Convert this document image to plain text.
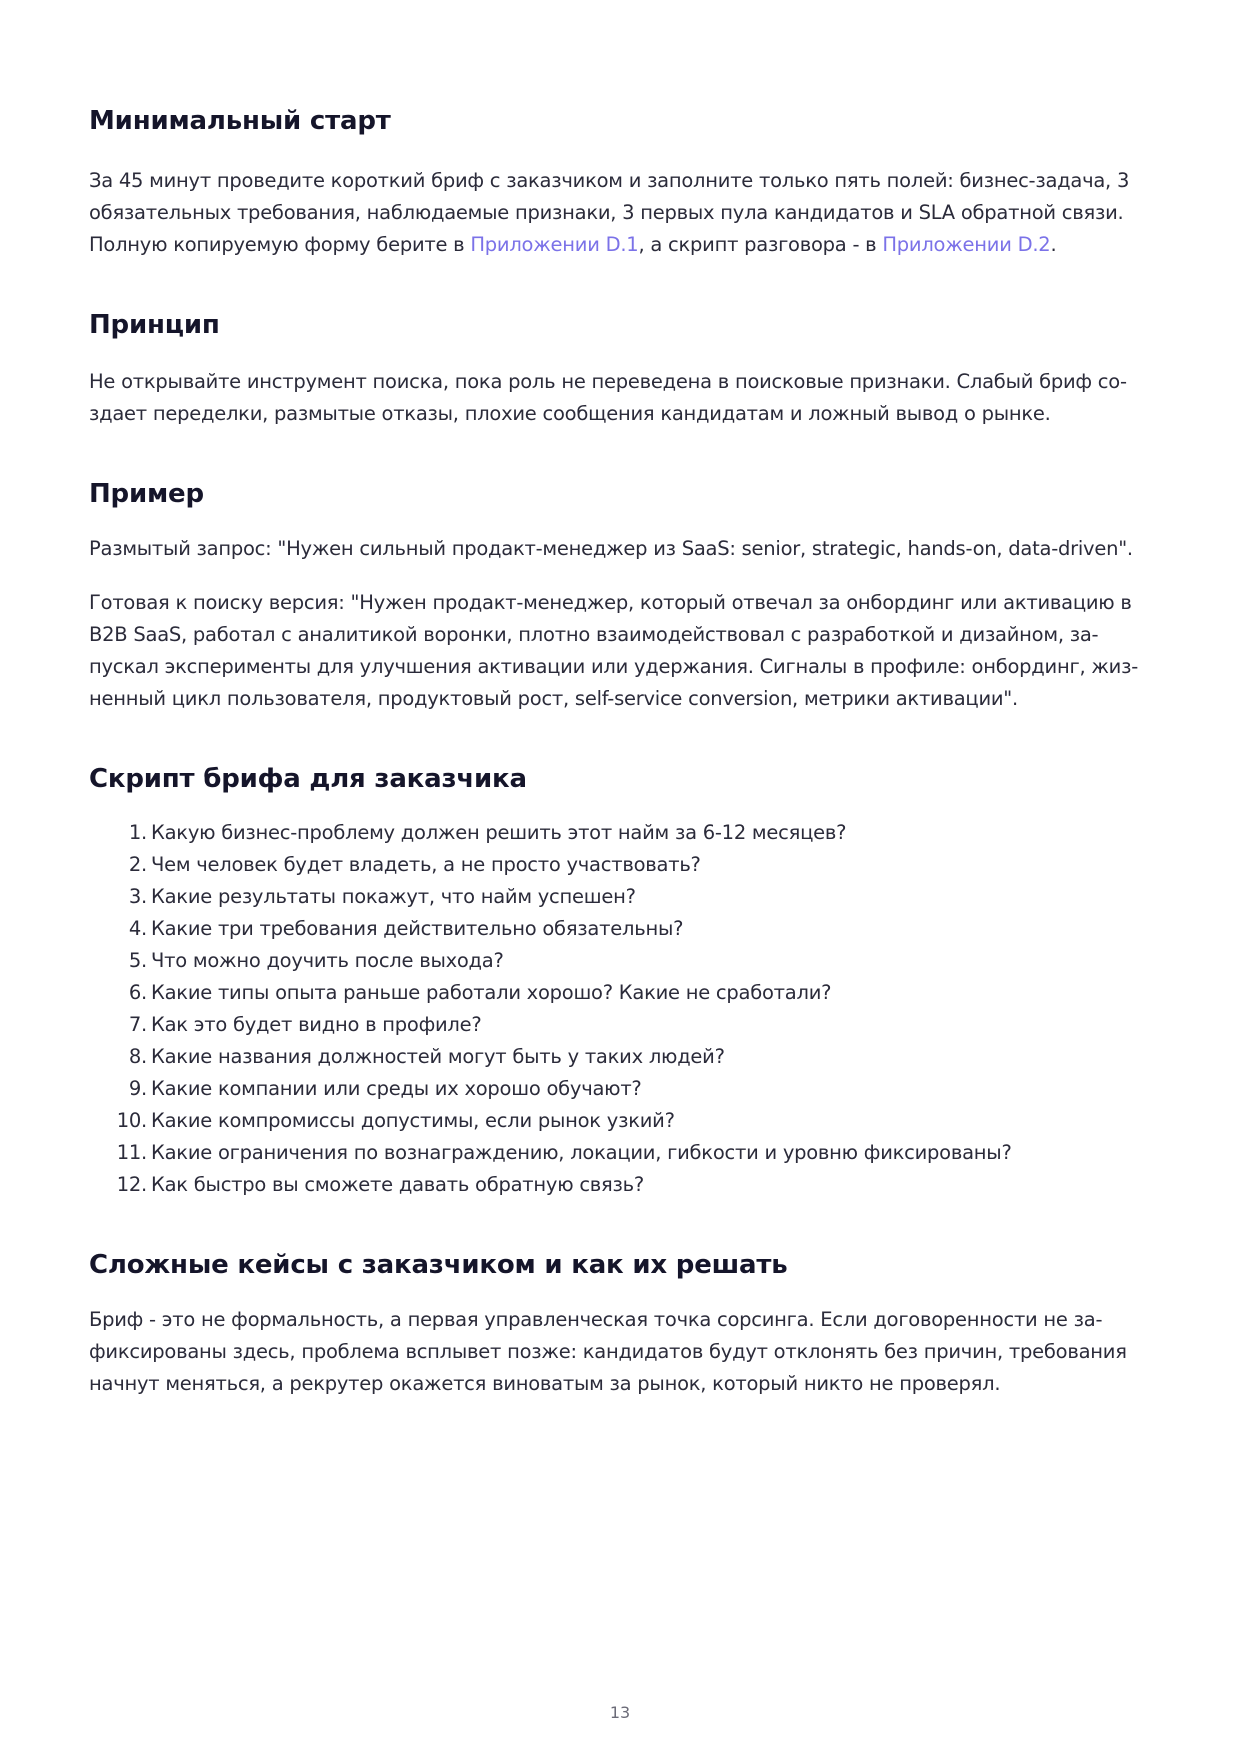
Минимальный старт

За 45 минут проведите короткий бриф с заказчиком и заполните только пять полей: бизнес-задача, 3 обязательных требования, наблюдаемые признаки, 3 первых пула кандидатов и SLA обратной связи. Полную копируемую форму берите в Приложении D.1, а скрипт разговора - в Приложении D.2.

Принцип

Не открывайте инструмент поиска, пока роль не переведена в поисковые признаки. Слабый бриф создает переделки, размытые отказы, плохие сообщения кандидатам и ложный вывод о рынке.

Пример

Размытый запрос: "Нужен сильный продакт-менеджер из SaaS: senior, strategic, hands-on, data-driven".

Готовая к поиску версия: "Нужен продакт-менеджер, который отвечал за онбординг или активацию в B2B SaaS, работал с аналитикой воронки, плотно взаимодействовал с разработкой и дизайном, запускал эксперименты для улучшения активации или удержания. Сигналы в профиле: онбординг, жизненный цикл пользователя, продуктовый рост, self-service conversion, метрики активации".

Скрипт брифа для заказчика
1. Какую бизнес-проблему должен решить этот найм за 6-12 месяцев?
2. Чем человек будет владеть, а не просто участвовать?
3. Какие результаты покажут, что найм успешен?
4. Какие три требования действительно обязательны?
5. Что можно доучить после выхода?
6. Какие типы опыта раньше работали хорошо? Какие не сработали?
7. Как это будет видно в профиле?
8. Какие названия должностей могут быть у таких людей?
9. Какие компании или среды их хорошо обучают?
10. Какие компромиссы допустимы, если рынок узкий?
11. Какие ограничения по вознаграждению, локации, гибкости и уровню фиксированы?
12. Как быстро вы сможете давать обратную связь?
Сложные кейсы с заказчиком и как их решать

Бриф - это не формальность, а первая управленческая точка сорсинга. Если договоренности не зафиксированы здесь, проблема всплывет позже: кандидатов будут отклонять без причин, требования начнут меняться, а рекрутер окажется виноватым за рынок, который никто не проверял.

13
